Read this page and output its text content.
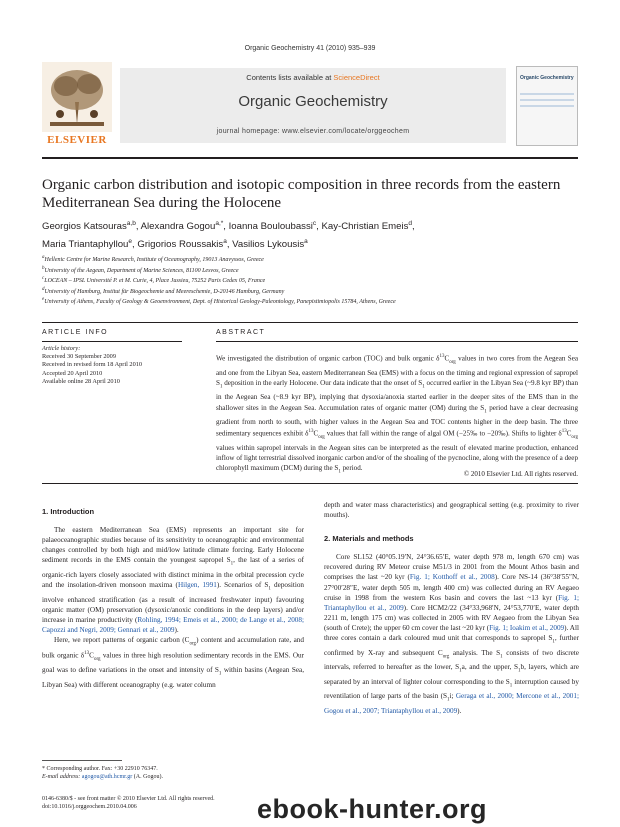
Organic Geochemistry 41 (2010) 935–939
ELSEVIER
Contents lists available at ScienceDirect
Organic Geochemistry
journal homepage: www.elsevier.com/locate/orggeochem
Organic Geochemistry
Organic carbon distribution and isotopic composition in three records from the eastern Mediterranean Sea during the Holocene
Georgios Katsouras$^{a,b}$, Alexandra Gogou$^{a,*}$, Ioanna Bouloubassi$^c$, Kay-Christian Emeis$^d$,
Maria Triantaphyllou$^e$, Grigorios Roussakis$^a$, Vasilios Lykousis$^a$
$^a$Hellenic Centre for Marine Research, Institute of Oceanography, 19013 Anavyssos, Greece
$^b$University of the Aegean, Department of Marine Sciences, 81100 Lesvos, Greece
$^c$LOCEAN – IPSL Université P. et M. Curie, 4, Place Jussieu, 75252 Paris Cedex 05, France
$^d$University of Hamburg, Institut für Biogeochemie und Meereschemie, D-20146 Hamburg, Germany
$^e$University of Athens, Faculty of Geology & Geoenvironment, Dept. of Historical Geology-Paleontology, Panepistimiopolis 15784, Athens, Greece
ARTICLE INFO
Article history:
Received 30 September 2009
Received in revised form 18 April 2010
Accepted 20 April 2010
Available online 28 April 2010
ABSTRACT
We investigated the distribution of organic carbon (TOC) and bulk organic $\delta^{13}C_{org}$ values in two cores from the Aegean Sea and one from the Libyan Sea, eastern Mediterranean Sea (EMS) with a focus on the timing and regional expression of sapropel $S_1$ deposition in the early Holocene. Our data indicate that the onset of $S_1$ occurred earlier in the Libyan Sea (~9.8 kyr BP) than in the Aegean Sea (~8.9 kyr BP), implying that dysoxia/anoxia started earlier in the deeper sites of the EMS than in the shallower sites in the Aegean Sea. Accumulation rates of organic matter (OM) during the $S_1$ period have a clear decreasing gradient from north to south, with higher values in the Aegean Sea and TOC contents higher in the deep basin. The three sedimentary sequences exhibit $\delta^{13}C_{org}$ values that fall within the range of algal OM (−25‰ to −20‰). Shifts to lighter $\delta^{13}C_{org}$ values within sapropel intervals in the Aegean sites can be interpreted as the result of elevated marine production, enhanced inflow of light terrestrial dissolved inorganic carbon and/or of the shoaling of the pycnocline, along with the presence of a deep chlorophyll maximum (DCM) during the $S_1$ period.
© 2010 Elsevier Ltd. All rights reserved.
1. Introduction

The eastern Mediterranean Sea (EMS) represents an important site for palaeoceanographic studies because of its sensitivity to oceanographic and environmental changes controlled by both high and mid/low latitude climate forcing. Early Holocene sediment records in the EMS contain the youngest sapropel $S_1$, the last of a series of organic-rich layers closely associated with distinct minima in the orbital precession cycle and the insolation-driven monsoon maxima (Hilgen, 1991). Scenarios of $S_1$ deposition involve enhanced stratification (as a result of increased freshwater input) favouring organic matter (OM) preservation (dysoxic/anoxic conditions in the deep layers) and/or increase in marine productivity (Rohling, 1994; Emeis et al., 2000; de Lange et al., 2008; Capozzi and Negri, 2009; Gennari et al., 2009).

Here, we report patterns of organic carbon $(C_{org})$ content and accumulation rate, and bulk organic $\delta^{13}C_{org}$ values in three high resolution sedimentary records in the EMS. Our goal was to define variations in the onset and intensity of $S_1$ within basins (Aegean Sea, Libyan Sea) with different oceanography (e.g. water column

* Corresponding author. Fax: +30 22910 76347.
E-mail address: agogou@ath.hcmr.gr (A. Gogou).
0146-6380/$ - see front matter © 2010 Elsevier Ltd. All rights reserved.
doi:10.1016/j.orggeochem.2010.04.006

depth and water mass characteristics) and geographical setting (e.g. proximity to river mouths).

2. Materials and methods

Core SL152 (40°05.19′N, 24°36.65′E, water depth 978 m, length 670 cm) was recovered during RV Meteor cruise M51/3 in 2001 from the Mount Athos basin and comprises the last ~20 kyr (Fig. 1; Kotthoff et al., 2008). Core NS-14 (36°38′55″N, 27°00′28″E, water depth 505 m, length 400 cm) was collected during an RV Aegaeo cruise in 1998 from the western Kos basin and covers the last ~13 kyr (Fig. 1; Triantaphyllou et al., 2009). Core HCM2/22 (34°33,968′N, 24°53,770′E, water depth 2211 m, length 175 cm) was collected in 2005 with RV Aegaeo from the Libyan Sea (south of Crete); the upper 60 cm cover the last ~20 kyr (Fig. 1; Ioakim et al., 2009). All three cores contain a dark coloured mud unit that corresponds to sapropel $S_1$, further confirmed by X-ray and subsequent $C_{org}$ analysis. The $S_1$ consists of two discrete intervals, referred to hereafter as the lower, $S_1a$, and the upper, $S_1b$, layers, which are separated by an interval of lighter colour corresponding to the $S_1$ interruption caused by reventilation of large parts of the basin ($S_1i$; Geraga et al., 2000; Mercone et al., 2001; Gogou et al., 2007; Triantaphyllou et al., 2009).

ebook-hunter.org
